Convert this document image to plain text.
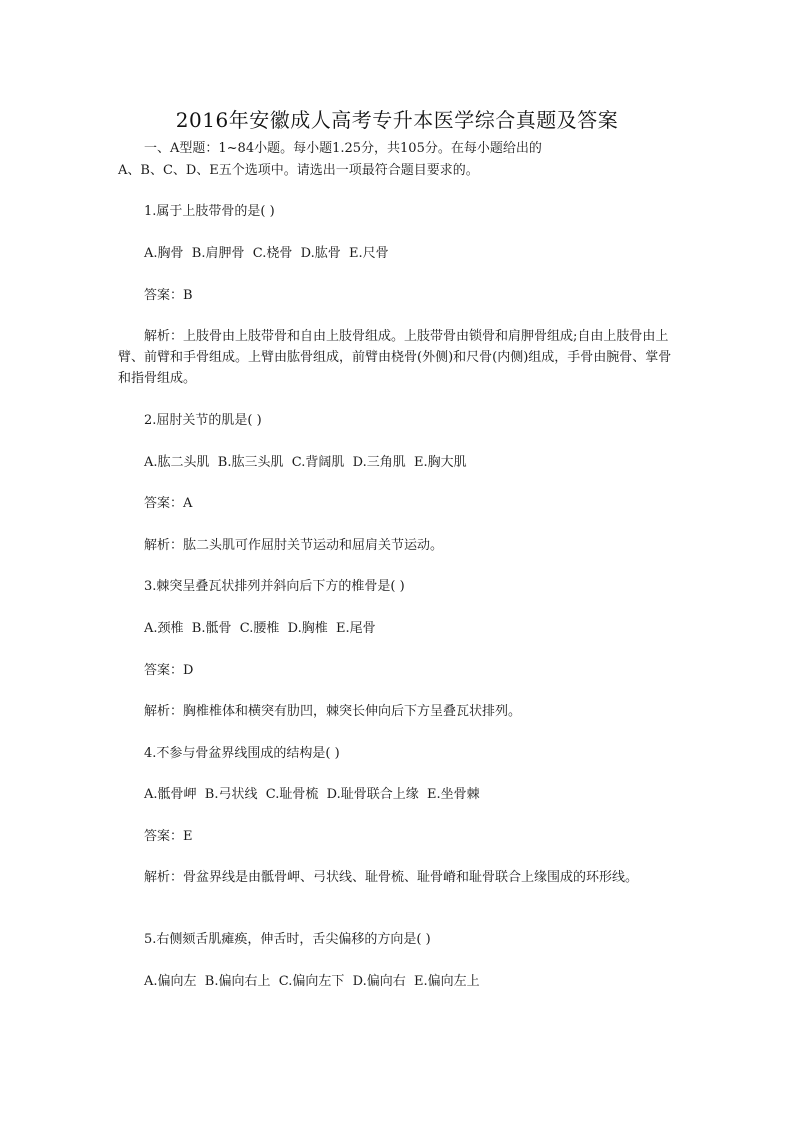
2016年安徽成人高考专升本医学综合真题及答案
一、A型题：1~84小题。每小题1.25分，共105分。在每小题给出的
A、B、C、D、E五个选项中。请选出一项最符合题目要求的。
1.属于上肢带骨的是( )
A.胸骨  B.肩胛骨  C.桡骨  D.肱骨  E.尺骨
答案：B
解析：上肢骨由上肢带骨和自由上肢骨组成。上肢带骨由锁骨和肩胛骨组成;自由上肢骨由上臂、前臂和手骨组成。上臂由肱骨组成，前臂由桡骨(外侧)和尺骨(内侧)组成，手骨由腕骨、掌骨和指骨组成。
2.屈肘关节的肌是( )
A.肱二头肌  B.肱三头肌  C.背阔肌  D.三角肌  E.胸大肌
答案：A
解析：肱二头肌可作屈肘关节运动和屈肩关节运动。
3.棘突呈叠瓦状排列并斜向后下方的椎骨是( )
A.颈椎  B.骶骨  C.腰椎  D.胸椎  E.尾骨
答案：D
解析：胸椎椎体和横突有肋凹，棘突长伸向后下方呈叠瓦状排列。
4.不参与骨盆界线围成的结构是( )
A.骶骨岬  B.弓状线  C.耻骨梳  D.耻骨联合上缘  E.坐骨棘
答案：E
解析：骨盆界线是由骶骨岬、弓状线、耻骨梳、耻骨嵴和耻骨联合上缘围成的环形线。
5.右侧颏舌肌瘫痪，伸舌时，舌尖偏移的方向是( )
A.偏向左  B.偏向右上  C.偏向左下  D.偏向右  E.偏向左上
